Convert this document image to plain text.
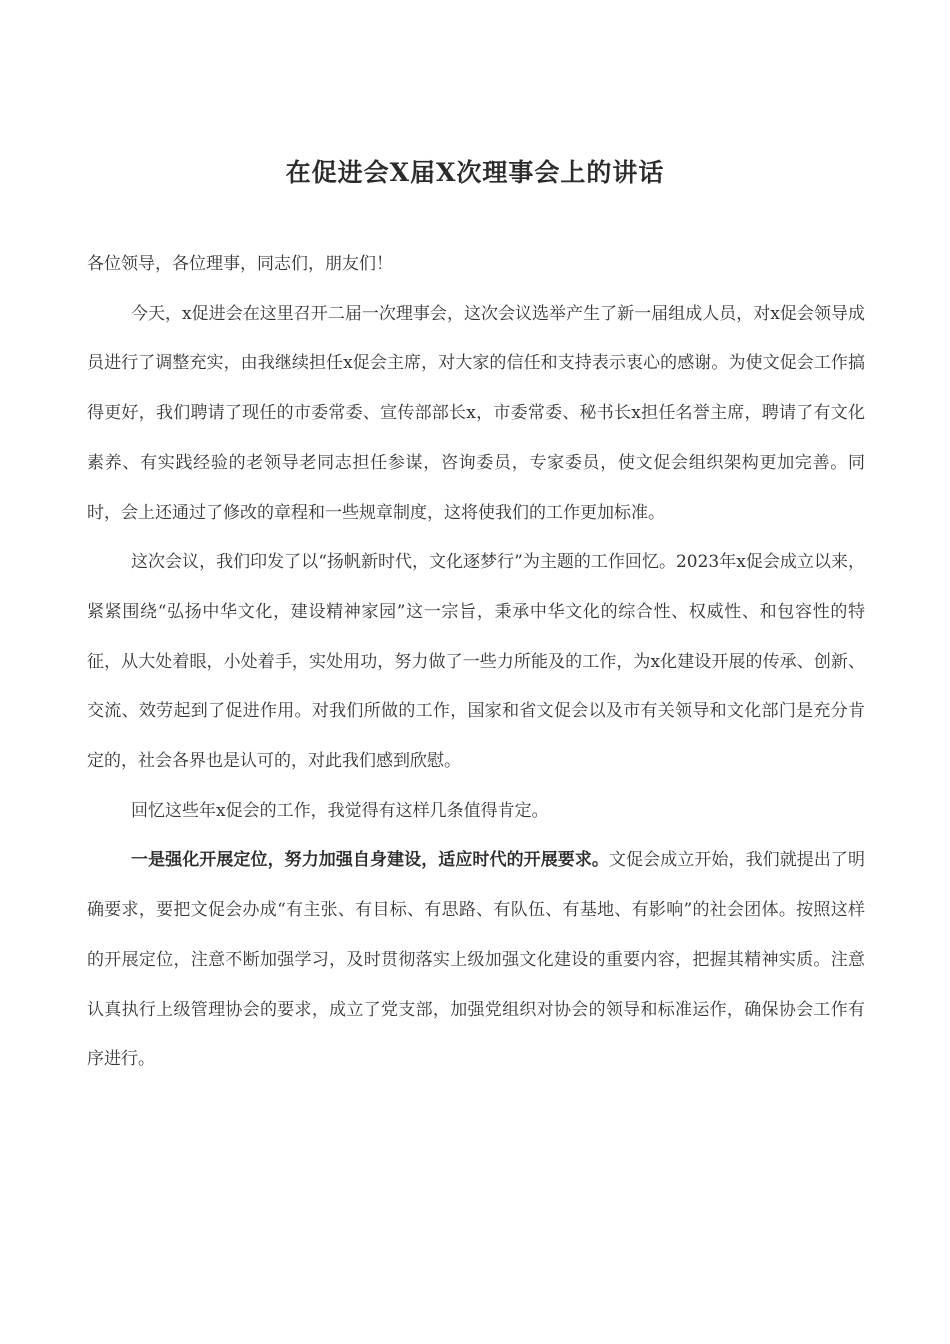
在促进会X届X次理事会上的讲话

各位领导，各位理事，同志们，朋友们！

今天，x促进会在这里召开二届一次理事会，这次会议选举产生了新一届组成人员，对x促会领导成员进行了调整充实，由我继续担任x促会主席，对大家的信任和支持表示衷心的感谢。为使文促会工作搞得更好，我们聘请了现任的市委常委、宣传部部长x，市委常委、秘书长x担任名誉主席，聘请了有文化素养、有实践经验的老领导老同志担任参谋，咨询委员，专家委员，使文促会组织架构更加完善。同时，会上还通过了修改的章程和一些规章制度，这将使我们的工作更加标准。

这次会议，我们印发了以“扬帆新时代，文化逐梦行”为主题的工作回忆。2023年x促会成立以来，紧紧围绕“弘扬中华文化，建设精神家园”这一宗旨，秉承中华文化的综合性、权威性、和包容性的特征，从大处着眼，小处着手，实处用功，努力做了一些力所能及的工作，为x化建设开展的传承、创新、交流、效劳起到了促进作用。对我们所做的工作，国家和省文促会以及市有关领导和文化部门是充分肯定的，社会各界也是认可的，对此我们感到欣慰。

回忆这些年x促会的工作，我觉得有这样几条值得肯定。

一是强化开展定位，努力加强自身建设，适应时代的开展要求。文促会成立开始，我们就提出了明确要求，要把文促会办成“有主张、有目标、有思路、有队伍、有基地、有影响”的社会团体。按照这样的开展定位，注意不断加强学习，及时贯彻落实上级加强文化建设的重要内容，把握其精神实质。注意认真执行上级管理协会的要求，成立了党支部，加强党组织对协会的领导和标准运作，确保协会工作有序进行。
